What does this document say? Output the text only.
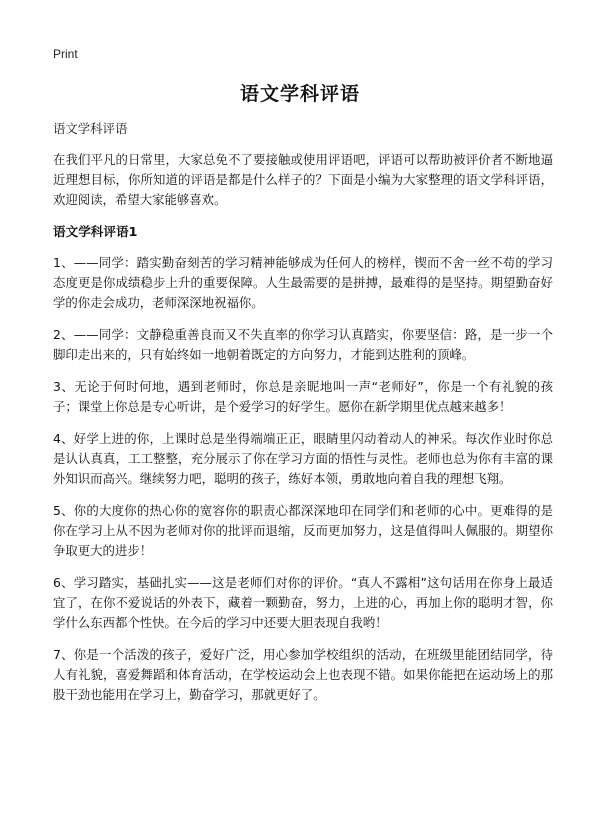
Print
语文学科评语

语文学科评语

在我们平凡的日常里，大家总免不了要接触或使用评语吧，评语可以帮助被评价者不断地逼近理想目标，你所知道的评语是都是什么样子的？下面是小编为大家整理的语文学科评语，欢迎阅读，希望大家能够喜欢。

语文学科评语1

1、——同学：踏实勤奋刻苦的学习精神能够成为任何人的榜样，锲而不舍一丝不苟的学习态度更是你成绩稳步上升的重要保障。人生最需要的是拼搏，最难得的是坚持。期望勤奋好学的你走会成功，老师深深地祝福你。

2、——同学：文静稳重善良而又不失直率的你学习认真踏实，你要坚信：路，是一步一个脚印走出来的，只有始终如一地朝着既定的方向努力，才能到达胜利的顶峰。

3、无论于何时何地，遇到老师时，你总是亲昵地叫一声“老师好”，你是一个有礼貌的孩子；课堂上你总是专心听讲，是个爱学习的好学生。愿你在新学期里优点越来越多！

4、好学上进的你，上课时总是坐得端端正正，眼睛里闪动着动人的神采。每次作业时你总是认认真真，工工整整，充分展示了你在学习方面的悟性与灵性。老师也总为你有丰富的课外知识而高兴。继续努力吧，聪明的孩子，练好本领，勇敢地向着自我的理想飞翔。

5、你的大度你的热心你的宽容你的职责心都深深地印在同学们和老师的心中。更难得的是你在学习上从不因为老师对你的批评而退缩，反而更加努力，这是值得叫人佩服的。期望你争取更大的进步！

6、学习踏实，基础扎实——这是老师们对你的评价。“真人不露相”这句话用在你身上最适宜了，在你不爱说话的外表下，藏着一颗勤奋，努力，上进的心，再加上你的聪明才智，你学什么东西都个性快。在今后的学习中还要大胆表现自我哟！

7、你是一个活泼的孩子，爱好广泛，用心参加学校组织的活动，在班级里能团结同学，待人有礼貌，喜爱舞蹈和体育活动，在学校运动会上也表现不错。如果你能把在运动场上的那股干劲也能用在学习上，勤奋学习，那就更好了。
